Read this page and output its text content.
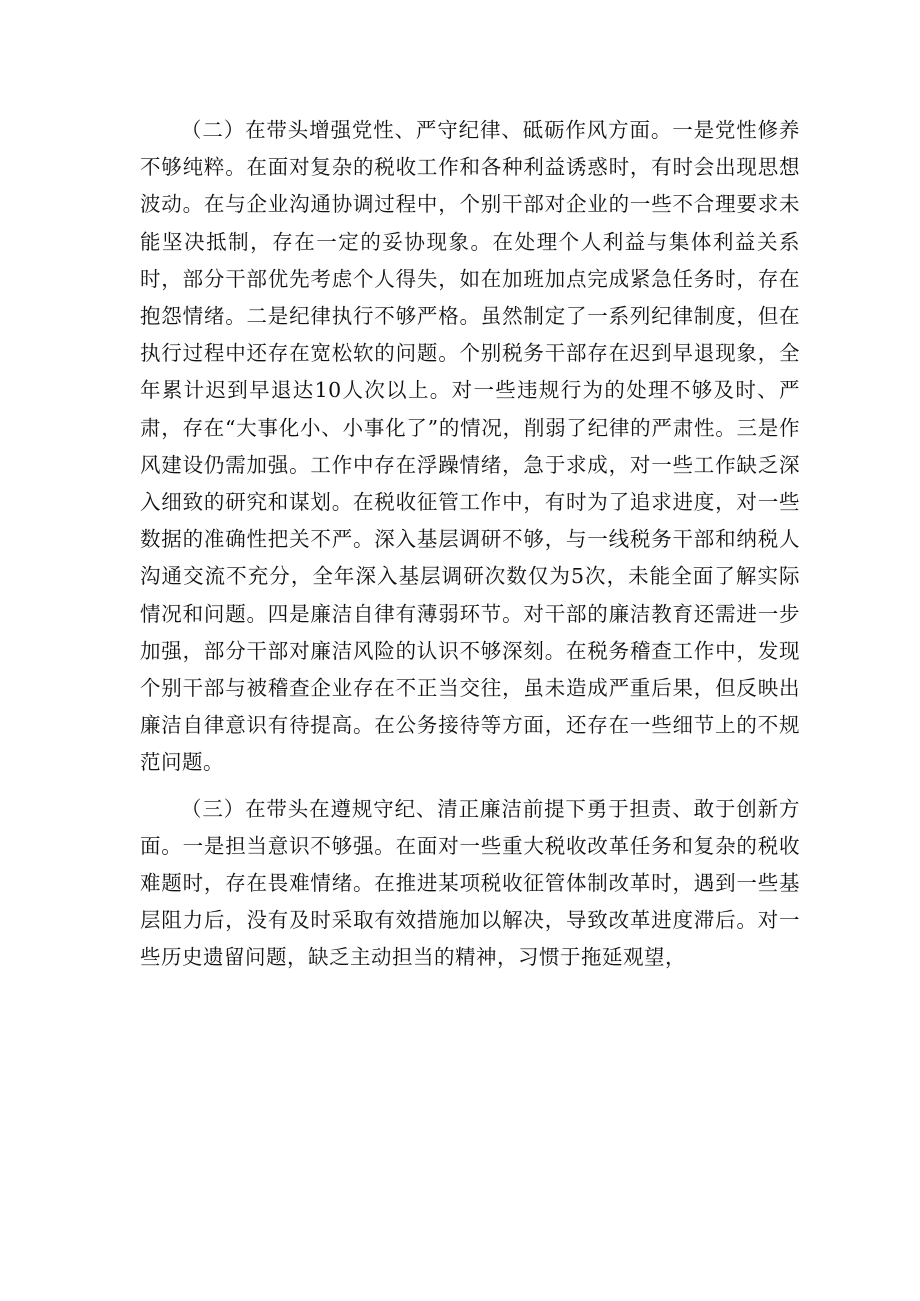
（二）在带头增强党性、严守纪律、砥砺作风方面。一是党性修养不够纯粹。在面对复杂的税收工作和各种利益诱惑时，有时会出现思想波动。在与企业沟通协调过程中，个别干部对企业的一些不合理要求未能坚决抵制，存在一定的妥协现象。在处理个人利益与集体利益关系时，部分干部优先考虑个人得失，如在加班加点完成紧急任务时，存在抱怨情绪。二是纪律执行不够严格。虽然制定了一系列纪律制度，但在执行过程中还存在宽松软的问题。个别税务干部存在迟到早退现象，全年累计迟到早退达10人次以上。对一些违规行为的处理不够及时、严肃，存在“大事化小、小事化了”的情况，削弱了纪律的严肃性。三是作风建设仍需加强。工作中存在浮躁情绪，急于求成，对一些工作缺乏深入细致的研究和谋划。在税收征管工作中，有时为了追求进度，对一些数据的准确性把关不严。深入基层调研不够，与一线税务干部和纳税人沟通交流不充分，全年深入基层调研次数仅为5次，未能全面了解实际情况和问题。四是廉洁自律有薄弱环节。对干部的廉洁教育还需进一步加强，部分干部对廉洁风险的认识不够深刻。在税务稽查工作中，发现个别干部与被稽查企业存在不正当交往，虽未造成严重后果，但反映出廉洁自律意识有待提高。在公务接待等方面，还存在一些细节上的不规范问题。

（三）在带头在遵规守纪、清正廉洁前提下勇于担责、敢于创新方面。一是担当意识不够强。在面对一些重大税收改革任务和复杂的税收难题时，存在畏难情绪。在推进某项税收征管体制改革时，遇到一些基层阻力后，没有及时采取有效措施加以解决，导致改革进度滞后。对一些历史遗留问题，缺乏主动担当的精神，习惯于拖延观望，
